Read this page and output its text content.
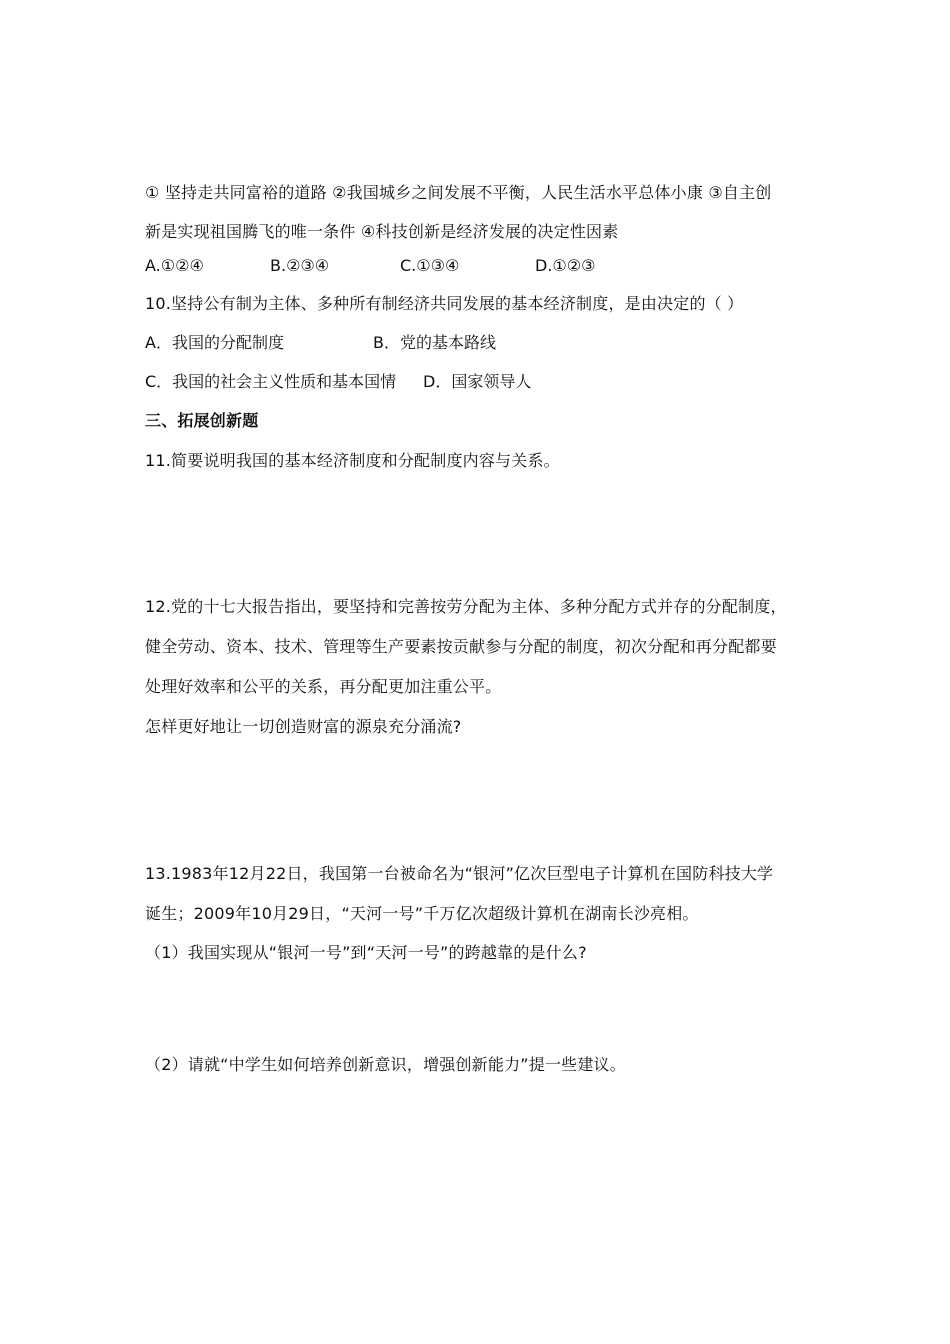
① 坚持走共同富裕的道路 ②我国城乡之间发展不平衡，人民生活水平总体小康 ③自主创
新是实现祖国腾飞的唯一条件 ④科技创新是经济发展的决定性因素
A.①②④	B.②③④	C.①③④	D.①②③
10.坚持公有制为主体、多种所有制经济共同发展的基本经济制度，是由决定的（ ）
A．我国的分配制度	B．党的基本路线
C．我国的社会主义性质和基本国情 D．国家领导人
三、拓展创新题
11.简要说明我国的基本经济制度和分配制度内容与关系。
12.党的十七大报告指出，要坚持和完善按劳分配为主体、多种分配方式并存的分配制度，
健全劳动、资本、技术、管理等生产要素按贡献参与分配的制度，初次分配和再分配都要
处理好效率和公平的关系，再分配更加注重公平。
怎样更好地让一切创造财富的源泉充分涌流?
13.1983年12月22日，我国第一台被命名为“银河”亿次巨型电子计算机在国防科技大学
诞生；2009年10月29日，“天河一号”千万亿次超级计算机在湖南长沙亮相。
（1）我国实现从“银河一号”到“天河一号”的跨越靠的是什么?
（2）请就“中学生如何培养创新意识，增强创新能力”提一些建议。
